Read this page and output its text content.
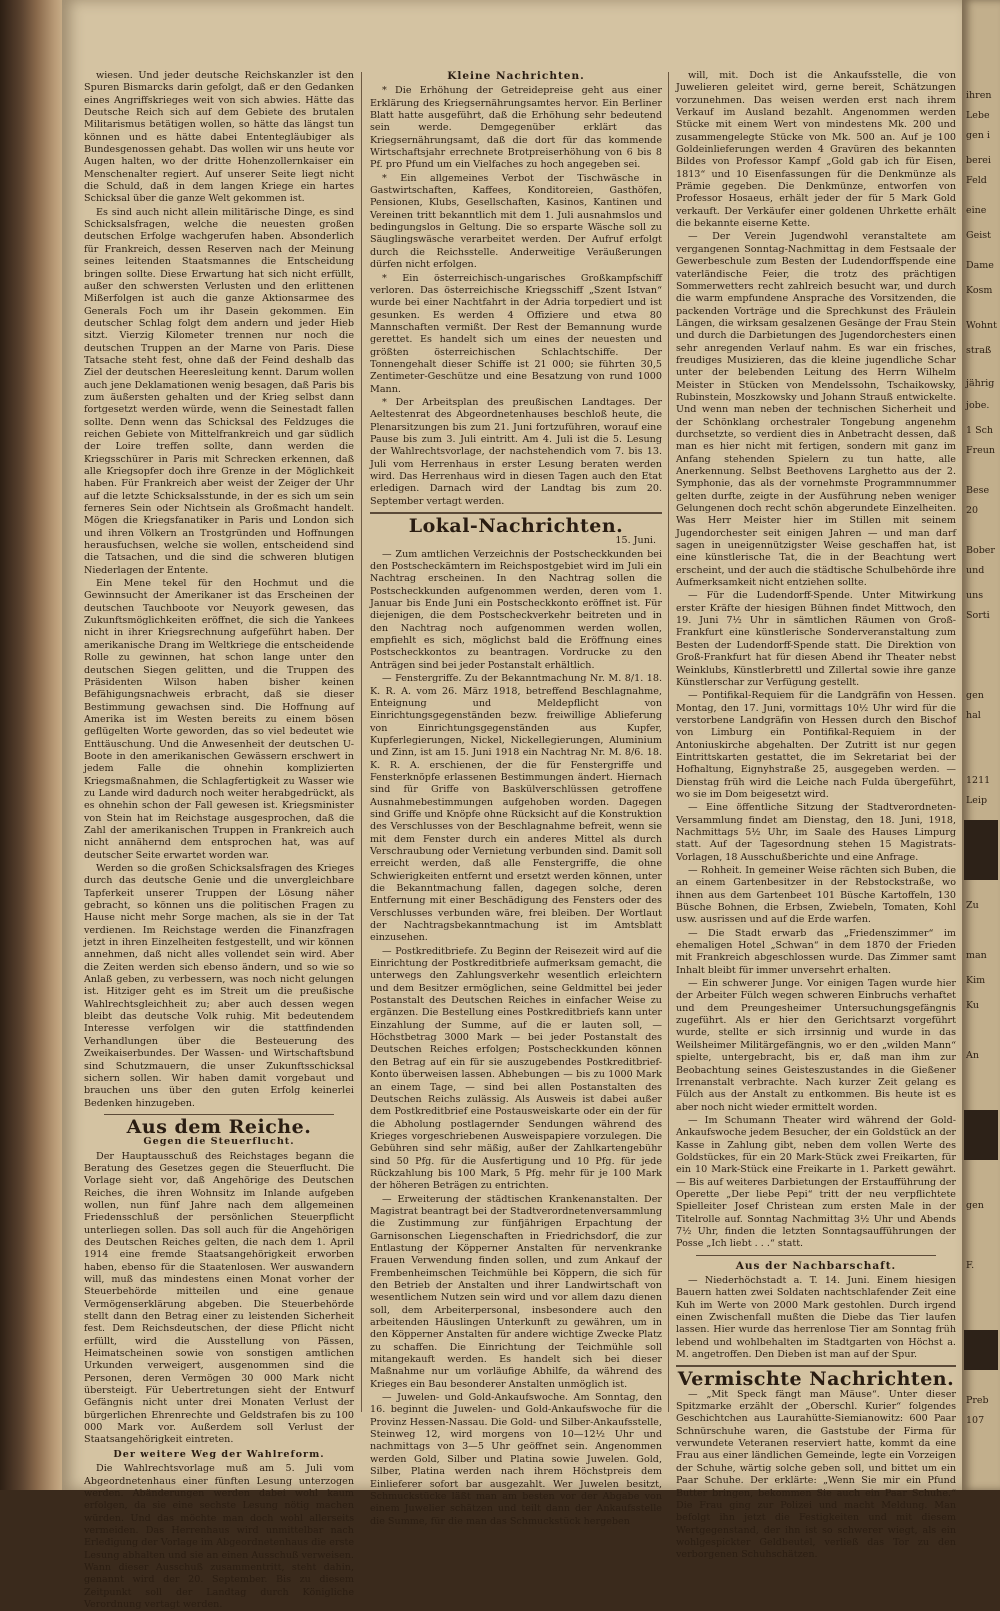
wiesen. Und jeder deutsche Reichskanzler ist den Spuren Bismarcks darin gefolgt, daß er den Gedanken eines Angriffskrieges weit von sich abwies. Hätte das Deutsche Reich sich auf dem Gebiete des brutalen Militarismus betätigen wollen, so hätte das längst tun können und es hätte dabei Ententegläubiger als Bundesgenossen gehabt. Das wollen wir uns heute vor Augen halten, wo der dritte Hohenzollernkaiser ein Menschenalter regiert. Auf unserer Seite liegt nicht die Schuld, daß in dem langen Kriege ein hartes Schicksal über die ganze Welt gekommen ist.

Es sind auch nicht allein militärische Dinge, es sind Schicksalsfragen, welche die neuesten großen deutschen Erfolge wachgerufen haben. Absonderlich für Frankreich, dessen Reserven nach der Meinung seines leitenden Staatsmannes die Entscheidung bringen sollte. Diese Erwartung hat sich nicht erfüllt, außer den schwersten Verlusten und den erlittenen Mißerfolgen ist auch die ganze Aktionsarmee des Generals Foch um ihr Dasein gekommen. Ein deutscher Schlag folgt dem andern und jeder Hieb sitzt. Vierzig Kilometer trennen nur noch die deutschen Truppen an der Marne von Paris. Diese Tatsache steht fest, ohne daß der Feind deshalb das Ziel der deutschen Heeresleitung kennt. Darum wollen auch jene Deklamationen wenig besagen, daß Paris bis zum äußersten gehalten und der Krieg selbst dann fortgesetzt werden würde, wenn die Seinestadt fallen sollte. Denn wenn das Schicksal des Feldzuges die reichen Gebiete von Mittelfrankreich und gar südlich der Loire treffen sollte, dann werden die Kriegsschürer in Paris mit Schrecken erkennen, daß alle Kriegsopfer doch ihre Grenze in der Möglichkeit haben. Für Frankreich aber weist der Zeiger der Uhr auf die letzte Schicksalsstunde, in der es sich um sein ferneres Sein oder Nichtsein als Großmacht handelt. Mögen die Kriegsfanatiker in Paris und London sich und ihren Völkern an Trostgründen und Hoffnungen herausfuchsen, welche sie wollen, entscheidend sind die Tatsachen, und die sind die schweren blutigen Niederlagen der Entente.

Ein Mene tekel für den Hochmut und die Gewinnsucht der Amerikaner ist das Erscheinen der deutschen Tauchboote vor Neuyork gewesen, das Zukunftsmöglichkeiten eröffnet, die sich die Yankees nicht in ihrer Kriegsrechnung aufgeführt haben. Der amerikanische Drang im Weltkriege die entscheidende Rolle zu gewinnen, hat schon lange unter den deutschen Siegen gelitten, und die Truppen des Präsidenten Wilson haben bisher keinen Befähigungsnachweis erbracht, daß sie dieser Bestimmung gewachsen sind. Die Hoffnung auf Amerika ist im Westen bereits zu einem bösen geflügelten Worte geworden, das so viel bedeutet wie Enttäuschung. Und die Anwesenheit der deutschen U-Boote in den amerikanischen Gewässern erschwert in jedem Falle die ohnehin komplizierten Kriegsmaßnahmen, die Schlagfertigkeit zu Wasser wie zu Lande wird dadurch noch weiter herabgedrückt, als es ohnehin schon der Fall gewesen ist. Kriegsminister von Stein hat im Reichstage ausgesprochen, daß die Zahl der amerikanischen Truppen in Frankreich auch nicht annähernd dem entsprochen hat, was auf deutscher Seite erwartet worden war.

Werden so die großen Schicksalsfragen des Krieges durch das deutsche Genie und die unvergleichbare Tapferkeit unserer Truppen der Lösung näher gebracht, so können uns die politischen Fragen zu Hause nicht mehr Sorge machen, als sie in der Tat verdienen. Im Reichstage werden die Finanzfragen jetzt in ihren Einzelheiten festgestellt, und wir können annehmen, daß nicht alles vollendet sein wird. Aber die Zeiten werden sich ebenso ändern, und so wie so Anlaß geben, zu verbessern, was noch nicht gelungen ist. Hitziger geht es im Streit um die preußische Wahlrechtsgleichheit zu; aber auch dessen wegen bleibt das deutsche Volk ruhig. Mit bedeutendem Interesse verfolgen wir die stattfindenden Verhandlungen über die Besteuerung des Zweikaiserbundes. Der Wassen- und Wirtschaftsbund sind Schutzmauern, die unser Zukunftsschicksal sichern sollen. Wir haben damit vorgebaut und brauchen uns über den guten Erfolg keinerlei Bedenken hinzugeben.

Aus dem Reiche.
Gegen die Steuerflucht.

Der Hauptausschuß des Reichstages begann die Beratung des Gesetzes gegen die Steuerflucht. Die Vorlage sieht vor, daß Angehörige des Deutschen Reiches, die ihren Wohnsitz im Inlande aufgeben wollen, nun fünf Jahre nach dem allgemeinen Friedensschluß der persönlichen Steuerpflicht unterliegen sollen. Das soll auch für die Angehörigen des Deutschen Reiches gelten, die nach dem 1. April 1914 eine fremde Staatsangehörigkeit erworben haben, ebenso für die Staatenlosen. Wer auswandern will, muß das mindestens einen Monat vorher der Steuerbehörde mitteilen und eine genaue Vermögenserklärung abgeben. Die Steuerbehörde stellt dann den Betrag einer zu leistenden Sicherheit fest. Dem Reichsdeutschen, der diese Pflicht nicht erfüllt, wird die Ausstellung von Pässen, Heimatscheinen sowie von sonstigen amtlichen Urkunden verweigert, ausgenommen sind die Personen, deren Vermögen 30 000 Mark nicht übersteigt. Für Uebertretungen sieht der Entwurf Gefängnis nicht unter drei Monaten Verlust der bürgerlichen Ehrenrechte und Geldstrafen bis zu 100 000 Mark vor. Außerdem soll Verlust der Staatsangehörigkeit eintreten.

Der weitere Weg der Wahlreform.

Die Wahlrechtsvorlage muß am 5. Juli vom Abgeordnetenhaus einer fünften Lesung unterzogen werden. Abänderungen werden dabei wohl kaum erfolgen, da sie eine sechste Lesung nötig machen würden. Und das möchte man doch wohl allerseits vermeiden. Das Herrenhaus wird unmittelbar nach Erledigung der Vorlage im Abgeordnetenhaus die erste Lesung abhalten und sie an einen Ausschuß verweisen. Wann dieser Ausschuß zusammentritt, steht dahin, genannt wird der 20. September. Bis zu diesem Zeitpunkt soll der Landtag durch Königliche Verordnung vertagt werden.

Kleine Nachrichten.

* Die Erhöhung der Getreidepreise geht aus einer Erklärung des Kriegsernährungsamtes hervor. Ein Berliner Blatt hatte ausgeführt, daß die Erhöhung sehr bedeutend sein werde. Demgegenüber erklärt das Kriegsernährungsamt, daß die dort für das kommende Wirtschaftsjahr errechnete Brotpreiserhöhung von 6 bis 8 Pf. pro Pfund um ein Vielfaches zu hoch angegeben sei.

* Ein allgemeines Verbot der Tischwäsche in Gastwirtschaften, Kaffees, Konditoreien, Gasthöfen, Pensionen, Klubs, Gesellschaften, Kasinos, Kantinen und Vereinen tritt bekanntlich mit dem 1. Juli ausnahmslos und bedingungslos in Geltung. Die so ersparte Wäsche soll zu Säuglingswäsche verarbeitet werden. Der Aufruf erfolgt durch die Reichsstelle. Anderweitige Veräußerungen dürfen nicht erfolgen.

* Ein österreichisch-ungarisches Großkampfschiff verloren. Das österreichische Kriegsschiff „Szent Istvan“ wurde bei einer Nachtfahrt in der Adria torpediert und ist gesunken. Es werden 4 Offiziere und etwa 80 Mannschaften vermißt. Der Rest der Bemannung wurde gerettet. Es handelt sich um eines der neuesten und größten österreichischen Schlachtschiffe. Der Tonnengehalt dieser Schiffe ist 21 000; sie führten 30,5 Zentimeter-Geschütze und eine Besatzung von rund 1000 Mann.

* Der Arbeitsplan des preußischen Landtages. Der Aeltestenrat des Abgeordnetenhauses beschloß heute, die Plenarsitzungen bis zum 21. Juni fortzuführen, worauf eine Pause bis zum 3. Juli eintritt. Am 4. Juli ist die 5. Lesung der Wahlrechtsvorlage, der nachstehendich vom 7. bis 13. Juli vom Herrenhaus in erster Lesung beraten werden wird. Das Herrenhaus wird in diesen Tagen auch den Etat erledigen. Darnach wird der Landtag bis zum 20. September vertagt werden.

Lokal-Nachrichten.
15. Juni.

— Zum amtlichen Verzeichnis der Postscheckkunden bei den Postscheckämtern im Reichspostgebiet wird im Juli ein Nachtrag erscheinen. In den Nachtrag sollen die Postscheckkunden aufgenommen werden, deren vom 1. Januar bis Ende Juni ein Postscheckkonto eröffnet ist. Für diejenigen, die dem Postscheckverkehr beitreten und in den Nachtrag noch aufgenommen werden wollen, empfiehlt es sich, möglichst bald die Eröffnung eines Postscheckkontos zu beantragen. Vordrucke zu den Anträgen sind bei jeder Postanstalt erhältlich.

— Fenstergriffe. Zu der Bekanntmachung Nr. M. 8/1. 18. K. R. A. vom 26. März 1918, betreffend Beschlagnahme, Enteignung und Meldepflicht von Einrichtungsgegenständen bezw. freiwillige Ablieferung von Einrichtungsgegenständen aus Kupfer, Kupferlegierungen, Nickel, Nickellegierungen, Aluminium und Zinn, ist am 15. Juni 1918 ein Nachtrag Nr. M. 8/6. 18. K. R. A. erschienen, der die für Fenstergriffe und Fensterknöpfe erlassenen Bestimmungen ändert. Hiernach sind für Griffe von Baskülverschlüssen getroffene Ausnahmebestimmungen aufgehoben worden. Dagegen sind Griffe und Knöpfe ohne Rücksicht auf die Konstruktion des Verschlusses von der Beschlagnahme befreit, wenn sie mit dem Fenster durch ein anderes Mittel als durch Verschraubung oder Vernietung verbunden sind. Damit soll erreicht werden, daß alle Fenstergriffe, die ohne Schwierigkeiten entfernt und ersetzt werden können, unter die Bekanntmachung fallen, dagegen solche, deren Entfernung mit einer Beschädigung des Fensters oder des Verschlusses verbunden wäre, frei bleiben. Der Wortlaut der Nachtragsbekanntmachung ist im Amtsblatt einzusehen.

— Postkreditbriefe. Zu Beginn der Reisezeit wird auf die Einrichtung der Postkreditbriefe aufmerksam gemacht, die unterwegs den Zahlungsverkehr wesentlich erleichtern und dem Besitzer ermöglichen, seine Geldmittel bei jeder Postanstalt des Deutschen Reiches in einfacher Weise zu ergänzen. Die Bestellung eines Postkreditbriefs kann unter Einzahlung der Summe, auf die er lauten soll, — Höchstbetrag 3000 Mark — bei jeder Postanstalt des Deutschen Reiches erfolgen; Postscheckkunden können den Betrag auf ein für sie auszugebendes Postkreditbrief-Konto überweisen lassen. Abhebungen — bis zu 1000 Mark an einem Tage, — sind bei allen Postanstalten des Deutschen Reichs zulässig. Als Ausweis ist dabei außer dem Postkreditbrief eine Postausweiskarte oder ein der für die Abholung postlagernder Sendungen während des Krieges vorgeschriebenen Ausweispapiere vorzulegen. Die Gebühren sind sehr mäßig, außer der Zahlkartengebühr sind 50 Pfg. für die Ausfertigung und 10 Pfg. für jede Rückzahlung bis 100 Mark, 5 Pfg. mehr für je 100 Mark der höheren Beträgen zu entrichten.

— Erweiterung der städtischen Krankenanstalten. Der Magistrat beantragt bei der Stadtverordnetenversammlung die Zustimmung zur fünfjährigen Erpachtung der Garnisonschen Liegenschaften in Friedrichsdorf, die zur Entlastung der Köpperner Anstalten für nervenkranke Frauen Verwendung finden sollen, und zum Ankauf der Frembenheimschen Teichmühle bei Köppern, die sich für den Betrieb der Anstalten und ihrer Landwirtschaft von wesentlichem Nutzen sein wird und vor allem dazu dienen soll, dem Arbeiterpersonal, insbesondere auch den arbeitenden Häuslingen Unterkunft zu gewähren, um in den Köpperner Anstalten für andere wichtige Zwecke Platz zu schaffen. Die Einrichtung der Teichmühle soll mitangekauft werden. Es handelt sich bei dieser Maßnahme nur um vorläufige Abhilfe, da während des Krieges ein Bau besonderer Anstalten unmöglich ist.

— Juwelen- und Gold-Ankaufswoche. Am Sonntag, den 16. beginnt die Juwelen- und Gold-Ankaufswoche für die Provinz Hessen-Nassau. Die Gold- und Silber-Ankaufsstelle, Steinweg 12, wird morgens von 10—12½ Uhr und nachmittags von 3—5 Uhr geöffnet sein. Angenommen werden Gold, Silber und Platina sowie Juwelen. Gold, Silber, Platina werden nach ihrem Höchstpreis dem Einlieferer sofort bar ausgezahlt. Wer Juwelen besitzt, Schmuckstücke läßt man am besten vor der Abgabe von einem Juwelier schätzen und teilt dann der Ankaufsstelle die Summe, für die man das Schmuckstück hergeben

will, mit. Doch ist die Ankaufsstelle, die von Juwelieren geleitet wird, gerne bereit, Schätzungen vorzunehmen. Das weisen werden erst nach ihrem Verkauf im Ausland bezahlt. Angenommen werden Stücke mit einem Wert von mindestens Mk. 200 und zusammengelegte Stücke von Mk. 500 an. Auf je 100 Goldeinlieferungen werden 4 Gravüren des bekannten Bildes von Professor Kampf „Gold gab ich für Eisen, 1813“ und 10 Eisenfassungen für die Denkmünze als Prämie gegeben. Die Denkmünze, entworfen von Professor Hosaeus, erhält jeder der für 5 Mark Gold verkauft. Der Verkäufer einer goldenen Uhrkette erhält die bekannte eiserne Kette.

— Der Verein Jugendwohl veranstaltete am vergangenen Sonntag-Nachmittag in dem Festsaale der Gewerbeschule zum Besten der Ludendorffspende eine vaterländische Feier, die trotz des prächtigen Sommerwetters recht zahlreich besucht war, und durch die warm empfundene Ansprache des Vorsitzenden, die packenden Vorträge und die Sprechkunst des Fräulein Längen, die wirksam gesalzenen Gesänge der Frau Stein und durch die Darbietungen des Jugendorchesters einen sehr anregenden Verlauf nahm. Es war ein frisches, freudiges Musizieren, das die kleine jugendliche Schar unter der belebenden Leitung des Herrn Wilhelm Meister in Stücken von Mendelssohn, Tschaikowsky, Rubinstein, Moszkowsky und Johann Strauß entwickelte. Und wenn man neben der technischen Sicherheit und der Schönklang orchestraler Tongebung angenehm durchsetzte, so verdient dies in Anbetracht dessen, daß man es hier nicht mit fertigen, sondern mit ganz im Anfang stehenden Spielern zu tun hatte, alle Anerkennung. Selbst Beethovens Larghetto aus der 2. Symphonie, das als der vornehmste Programmnummer gelten durfte, zeigte in der Ausführung neben weniger Gelungenen doch recht schön abgerundete Einzelheiten. Was Herr Meister hier im Stillen mit seinem Jugendorchester seit einigen Jahren — und man darf sagen in uneigennützigster Weise geschaffen hat, ist eine künstlerische Tat, die in der Beachtung wert erscheint, und der auch die städtische Schulbehörde ihre Aufmerksamkeit nicht entziehen sollte.

— Für die Ludendorff-Spende. Unter Mitwirkung erster Kräfte der hiesigen Bühnen findet Mittwoch, den 19. Juni 7½ Uhr in sämtlichen Räumen von Groß-Frankfurt eine künstlerische Sonderveranstaltung zum Besten der Ludendorff-Spende statt. Die Direktion von Groß-Frankfurt hat für diesen Abend ihr Theater nebst Weinklubs, Künstlerbrettl und Zillertal sowie ihre ganze Künstlerschar zur Verfügung gestellt.

— Pontifikal-Requiem für die Landgräfin von Hessen. Montag, den 17. Juni, vormittags 10½ Uhr wird für die verstorbene Landgräfin von Hessen durch den Bischof von Limburg ein Pontifikal-Requiem in der Antoniuskirche abgehalten. Der Zutritt ist nur gegen Eintrittskarten gestattet, die im Sekretariat bei der Hofhaltung, Eignyhstraße 25, ausgegeben werden. — Dienstag früh wird die Leiche nach Fulda übergeführt, wo sie im Dom beigesetzt wird.

— Eine öffentliche Sitzung der Stadtverordneten-Versammlung findet am Dienstag, den 18. Juni, 1918, Nachmittags 5½ Uhr, im Saale des Hauses Limpurg statt. Auf der Tagesordnung stehen 15 Magistrats-Vorlagen, 18 Ausschußberichte und eine Anfrage.

— Rohheit. In gemeiner Weise rächten sich Buben, die an einem Gartenbesitzer in der Rebstockstraße, wo ihnen aus dem Gartenbeet 101 Büsche Kartoffeln, 130 Büsche Bohnen, die Erbsen, Zwiebeln, Tomaten, Kohl usw. ausrissen und auf die Erde warfen.

— Die Stadt erwarb das „Friedenszimmer“ im ehemaligen Hotel „Schwan“ in dem 1870 der Frieden mit Frankreich abgeschlossen wurde. Das Zimmer samt Inhalt bleibt für immer unversehrt erhalten.

— Ein schwerer Junge. Vor einigen Tagen wurde hier der Arbeiter Fülch wegen schweren Einbruchs verhaftet und dem Preungesheimer Untersuchungsgefängnis zugeführt. Als er hier den Gerichtsarzt vorgeführt wurde, stellte er sich irrsinnig und wurde in das Weilsheimer Militärgefängnis, wo er den „wilden Mann“ spielte, untergebracht, bis er, daß man ihm zur Beobachtung seines Geisteszustandes in die Gießener Irrenanstalt verbrachte. Nach kurzer Zeit gelang es Fülch aus der Anstalt zu entkommen. Bis heute ist es aber noch nicht wieder ermittelt worden.

— Im Schumann Theater wird während der Gold-Ankaufswoche jedem Besucher, der ein Goldstück an der Kasse in Zahlung gibt, neben dem vollen Werte des Goldstückes, für ein 20 Mark-Stück zwei Freikarten, für ein 10 Mark-Stück eine Freikarte in 1. Parkett gewährt. — Bis auf weiteres Darbietungen der Erstaufführung der Operette „Der liebe Pepi“ tritt der neu verpflichtete Spielleiter Josef Christean zum ersten Male in der Titelrolle auf. Sonntag Nachmittag 3½ Uhr und Abends 7½ Uhr, finden die letzten Sonntagsaufführungen der Posse „Ich liebt . . .“ statt.

Aus der Nachbarschaft.

— Niederhöchstadt a. T. 14. Juni. Einem hiesigen Bauern hatten zwei Soldaten nachtschlafender Zeit eine Kuh im Werte von 2000 Mark gestohlen. Durch irgend einen Zwischenfall mußten die Diebe das Tier laufen lassen. Hier wurde das herrenlose Tier am Sonntag früh lebend und wohlbehalten im Stadtgarten von Höchst a. M. angetroffen. Den Dieben ist man auf der Spur.

Vermischte Nachrichten.

— „Mit Speck fängt man Mäuse“. Unter dieser Spitzmarke erzählt der „Oberschl. Kurier“ folgendes Geschichtchen aus Laurahütte-Siemianowitz: 600 Paar Schnürschuhe waren, die Gaststube der Firma für verwundete Veteranen reserviert hatte, kommt da eine Frau aus einer ländlichen Gemeinde, legte ein Vorzeigen der Schuhe, wärtig solche geben soll, und bittet um ein Paar Schuhe. Der erklärte: „Wenn Sie mir ein Pfund Butter bringen, bekommen Sie auch ein Paar Schuhe.“ Die Frau ging zur Polizei und macht Meldung. Man befolgt ihn jetzt die Festigkeiten und mit diesem Wertgegenstand, der ihn ist so schwerer wiegt, als ein wohlgespickter Geldbeutel, verließ das Tor zu den verborgenen Schuhschätzen.

ihren
Lebe
gen i
berei
Feld
eine
Geist
Dame
Kosm
Wohnt
straß
jährig
jobe.
1 Sch
Freun
Bese
20
Bober
und
uns
Sorti
gen
hal
1211
Leip
Zu
man
Kim
Ku
An
gen
F.
Preb
107
